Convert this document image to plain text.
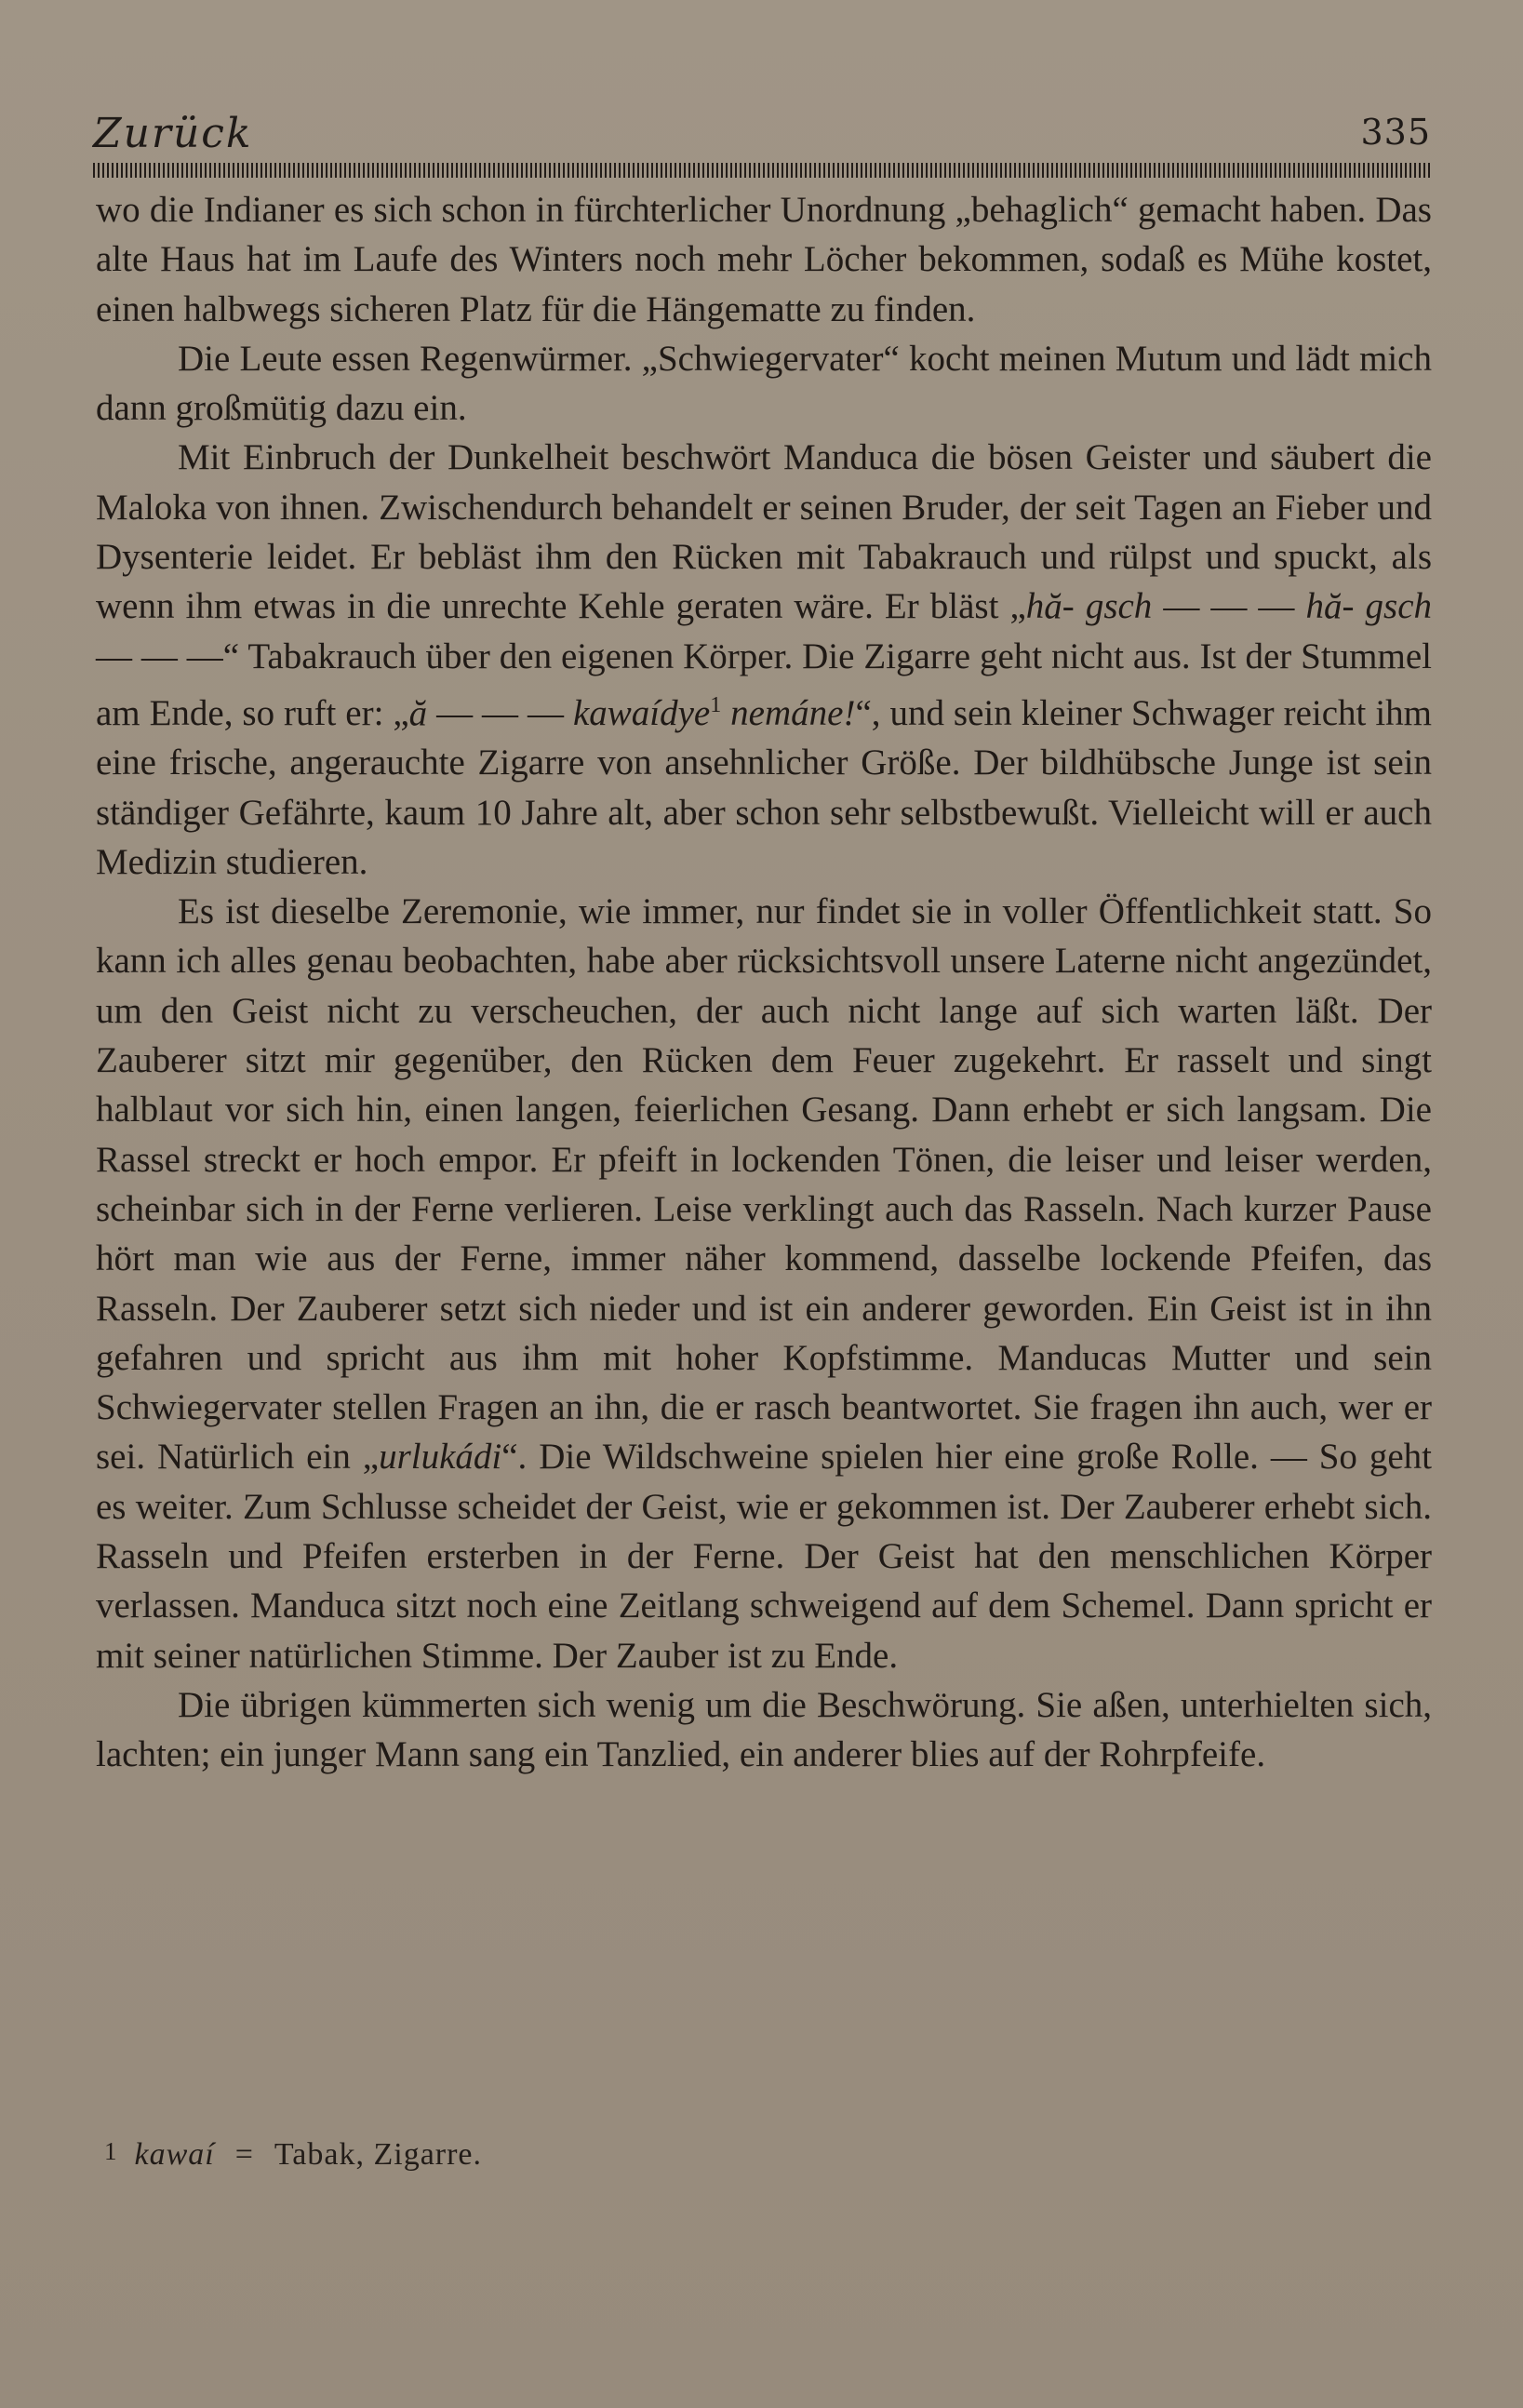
Zurück	335

wo die Indianer es sich schon in fürchterlicher Unordnung „behaglich“ gemacht haben. Das alte Haus hat im Laufe des Winters noch mehr Löcher bekommen, sodaß es Mühe kostet, einen halbwegs sicheren Platz für die Hängematte zu finden.

Die Leute essen Regenwürmer. „Schwiegervater“ kocht meinen Mutum und lädt mich dann großmütig dazu ein.

Mit Einbruch der Dunkelheit beschwört Manduca die bösen Geister und säubert die Maloka von ihnen. Zwischendurch behandelt er seinen Bruder, der seit Tagen an Fieber und Dysenterie leidet. Er bebläst ihm den Rücken mit Tabakrauch und rülpst und spuckt, als wenn ihm etwas in die unrechte Kehle geraten wäre. Er bläst „hă- gsch — — — hă- gsch — — —“ Tabakrauch über den eigenen Körper. Die Zigarre geht nicht aus. Ist der Stummel am Ende, so ruft er: „ă — — — kawaídye$^1$ nemáne!“, und sein kleiner Schwager reicht ihm eine frische, angerauchte Zigarre von ansehnlicher Größe. Der bildhübsche Junge ist sein ständiger Gefährte, kaum 10 Jahre alt, aber schon sehr selbstbewußt. Vielleicht will er auch Medizin studieren.

Es ist dieselbe Zeremonie, wie immer, nur findet sie in voller Öffentlichkeit statt. So kann ich alles genau beobachten, habe aber rücksichtsvoll unsere Laterne nicht angezündet, um den Geist nicht zu verscheuchen, der auch nicht lange auf sich warten läßt. Der Zauberer sitzt mir gegenüber, den Rücken dem Feuer zugekehrt. Er rasselt und singt halblaut vor sich hin, einen langen, feierlichen Gesang. Dann erhebt er sich langsam. Die Rassel streckt er hoch empor. Er pfeift in lockenden Tönen, die leiser und leiser werden, scheinbar sich in der Ferne verlieren. Leise verklingt auch das Rasseln. Nach kurzer Pause hört man wie aus der Ferne, immer näher kommend, dasselbe lockende Pfeifen, das Rasseln. Der Zauberer setzt sich nieder und ist ein anderer geworden. Ein Geist ist in ihn gefahren und spricht aus ihm mit hoher Kopfstimme. Manducas Mutter und sein Schwiegervater stellen Fragen an ihn, die er rasch beantwortet. Sie fragen ihn auch, wer er sei. Natürlich ein „urlukádi“. Die Wildschweine spielen hier eine große Rolle. — So geht es weiter. Zum Schlusse scheidet der Geist, wie er gekommen ist. Der Zauberer erhebt sich. Rasseln und Pfeifen ersterben in der Ferne. Der Geist hat den menschlichen Körper verlassen. Manduca sitzt noch eine Zeitlang schweigend auf dem Schemel. Dann spricht er mit seiner natürlichen Stimme. Der Zauber ist zu Ende.

Die übrigen kümmerten sich wenig um die Beschwörung. Sie aßen, unterhielten sich, lachten; ein junger Mann sang ein Tanzlied, ein anderer blies auf der Rohrpfeife.

1 kawaí = Tabak, Zigarre.
